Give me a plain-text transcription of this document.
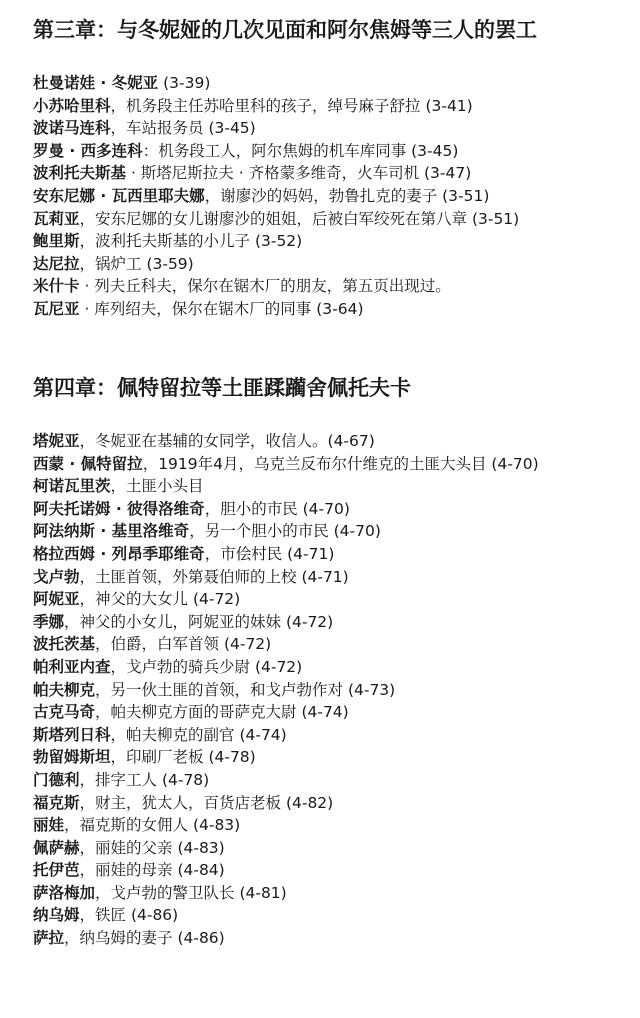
第三章：与冬妮娅的几次见面和阿尔焦姆等三人的罢工
杜曼诺娃 · 冬妮亚 (3-39)
小苏哈里科，机务段主任苏哈里科的孩子，绰号麻子舒拉 (3-41)
波诺马连科，车站报务员 (3-45)
罗曼 · 西多连科：机务段工人，阿尔焦姆的机车库同事 (3-45)
波利托夫斯基 · 斯塔尼斯拉夫 · 齐格蒙多维奇，火车司机 (3-47)
安东尼娜 · 瓦西里耶夫娜，谢廖沙的妈妈，勃鲁扎克的妻子 (3-51)
瓦莉亚，安东尼娜的女儿谢廖沙的姐姐，后被白军绞死在第八章 (3-51)
鲍里斯，波利托夫斯基的小儿子 (3-52)
达尼拉，锅炉工 (3-59)
米什卡 · 列夫丘科夫，保尔在锯木厂的朋友，第五页出现过。
瓦尼亚 · 库列绍夫，保尔在锯木厂的同事 (3-64)
第四章：佩特留拉等土匪蹂躏舍佩托夫卡
塔妮亚，冬妮亚在基辅的女同学，收信人。(4-67)
西蒙 · 佩特留拉，1919年4月，乌克兰反布尔什维克的土匪大头目 (4-70)
柯诺瓦里茨，土匪小头目
阿夫托诺姆 · 彼得洛维奇，胆小的市民 (4-70)
阿法纳斯 · 基里洛维奇，另一个胆小的市民 (4-70)
格拉西姆 · 列昂季耶维奇，市侩村民 (4-71)
戈卢勃，土匪首领，外第聂伯师的上校 (4-71)
阿妮亚，神父的大女儿 (4-72)
季娜，神父的小女儿，阿妮亚的妹妹 (4-72)
波托茨基，伯爵，白军首领 (4-72)
帕利亚内查，戈卢勃的骑兵少尉 (4-72)
帕夫柳克，另一伙土匪的首领，和戈卢勃作对 (4-73)
古克马奇，帕夫柳克方面的哥萨克大尉 (4-74)
斯塔列日科，帕夫柳克的副官 (4-74)
勃留姆斯坦，印刷厂老板 (4-78)
门德利，排字工人 (4-78)
福克斯，财主，犹太人，百货店老板 (4-82)
丽娃，福克斯的女佣人 (4-83)
佩萨赫，丽娃的父亲 (4-83)
托伊芭，丽娃的母亲 (4-84)
萨洛梅加，戈卢勃的警卫队长 (4-81)
纳乌姆，铁匠 (4-86)
萨拉，纳乌姆的妻子 (4-86)
